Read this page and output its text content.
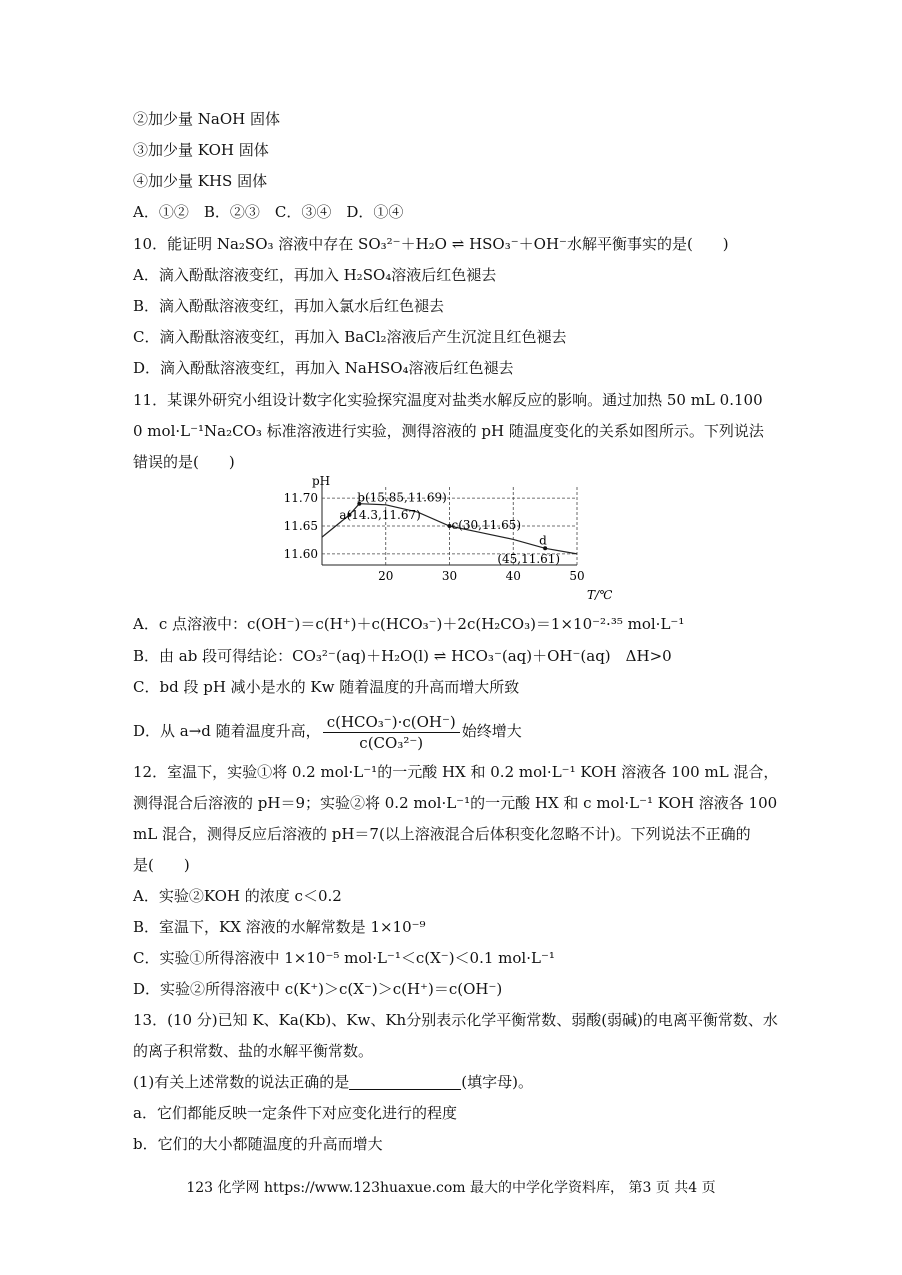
②加少量 NaOH 固体
③加少量 KOH 固体
④加少量 KHS 固体
A．①②　B．②③　C．③④　D．①④
10．能证明 Na₂SO₃ 溶液中存在 SO₃²⁻＋H₂O ⇌ HSO₃⁻＋OH⁻水解平衡事实的是(　　)
A．滴入酚酞溶液变红，再加入 H₂SO₄溶液后红色褪去
B．滴入酚酞溶液变红，再加入氯水后红色褪去
C．滴入酚酞溶液变红，再加入 BaCl₂溶液后产生沉淀且红色褪去
D．滴入酚酞溶液变红，再加入 NaHSO₄溶液后红色褪去
11．某课外研究小组设计数字化实验探究温度对盐类水解反应的影响。通过加热 50 mL 0.100
0 mol·L⁻¹Na₂CO₃ 标准溶液进行实验，测得溶液的 pH 随温度变化的关系如图所示。下列说法
错误的是(　　)
11.70
11.65
11.60
20	30	40	50
a(14.3,11.67)
b(15.85,11.69)
c(30,11.65)
d
(45,11.61)
pH
T/℃
A．c 点溶液中：c(OH⁻)＝c(H⁺)＋c(HCO₃⁻)＋2c(H₂CO₃)＝1×10⁻²·³⁵ mol·L⁻¹
B．由 ab 段可得结论：CO₃²⁻(aq)＋H₂O(l) ⇌ HCO₃⁻(aq)＋OH⁻(aq)　ΔH>0
C．bd 段 pH 减小是水的 Kw 随着温度的升高而增大所致
D．从 a→d 随着温度升高， $\frac{\text{c(HCO₃⁻)·c(OH⁻)}}{\text{c(CO₃²⁻)}}$ 始终增大
12．室温下，实验①将 0.2 mol·L⁻¹的一元酸 HX 和 0.2 mol·L⁻¹ KOH 溶液各 100 mL 混合，
测得混合后溶液的 pH＝9；实验②将 0.2 mol·L⁻¹的一元酸 HX 和 c mol·L⁻¹ KOH 溶液各 100
mL 混合，测得反应后溶液的 pH＝7(以上溶液混合后体积变化忽略不计)。下列说法不正确的
是(　　)
A．实验②KOH 的浓度 c＜0.2
B．室温下，KX 溶液的水解常数是 1×10⁻⁹
C．实验①所得溶液中 1×10⁻⁵ mol·L⁻¹＜c(X⁻)＜0.1 mol·L⁻¹
D．实验②所得溶液中 c(K⁺)＞c(X⁻)＞c(H⁺)＝c(OH⁻)
13．(10 分)已知 K、Ka(Kb)、Kw、Kh分别表示化学平衡常数、弱酸(弱碱)的电离平衡常数、水
的离子积常数、盐的水解平衡常数。
(1)有关上述常数的说法正确的是	(填字母)。
a．它们都能反映一定条件下对应变化进行的程度
b．它们的大小都随温度的升高而增大
123 化学网 https://www.123huaxue.com 最大的中学化学资料库， 第3 页 共4 页
